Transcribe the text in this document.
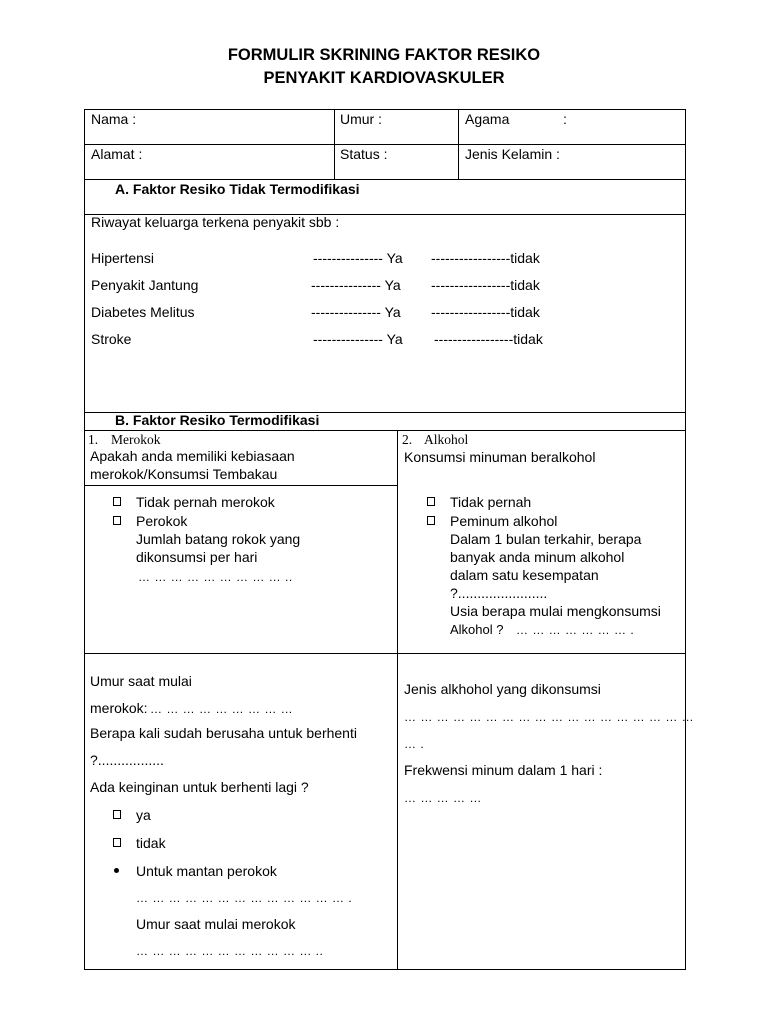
FORMULIR SKRINING FAKTOR RESIKO
PENYAKIT KARDIOVASKULER
Nama :	Umur :	Agama	:
Alamat :	Status :	Jenis Kelamin :
A. Faktor Resiko Tidak Termodifikasi
Riwayat keluarga terkena penyakit sbb :
Hipertensi	--------------- Ya -----------------tidak
Penyakit Jantung	--------------- Ya -----------------tidak
Diabetes Melitus	--------------- Ya -----------------tidak
Stroke	--------------- Ya -----------------tidak
B. Faktor Resiko Termodifikasi
1. Merokok
Apakah anda memiliki kebiasaan
merokok/Konsumsi Tembakau
Tidak pernah merokok
Perokok
Jumlah batang rokok yang
dikonsumsi per hari
… … … … … … … … … ..
Umur saat mulai
merokok: … … … … … … … … …
Berapa kali sudah berusaha untuk berhenti
?.................
Ada keinginan untuk berhenti lagi ?
ya
tidak
Untuk mantan perokok
… … … … … … … … … … … … … .
Umur saat mulai merokok
… … … … … … … … … … … ..
2. Alkohol
Konsumsi minuman beralkohol
Tidak pernah
Peminum alkohol
Dalam 1 bulan terkahir, berapa
banyak anda minum alkohol
dalam satu kesempatan
?.......................
Usia berapa mulai mengkonsumsi
Alkohol ? … … … … … … … .
Jenis alkhohol yang dikonsumsi
… … … … … … … … … … … … … … … … … …
… .
Frekwensi minum dalam 1 hari :
… … … … …
